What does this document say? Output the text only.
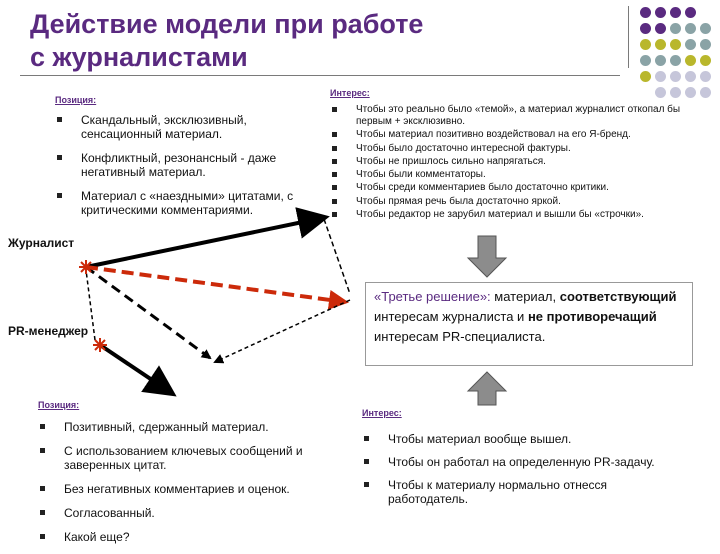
Действие модели при работе
с журналистами
Позиция:
Скандальный, эксклюзивный, сенсационный материал.
Конфликтный, резонансный - даже негативный материал.
Материал с «наездными» цитатами, с критическими комментариями.
Интерес:
Чтобы это реально было «темой», а материал журналист откопал бы первым + эксклюзивно.
Чтобы материал позитивно воздействовал на его Я-бренд.
Чтобы было достаточно интересной фактуры.
Чтобы не пришлось сильно напрягаться.
Чтобы были комментаторы.
Чтобы среди комментариев было достаточно критики.
Чтобы прямая речь была достаточно яркой.
Чтобы редактор не зарубил материал и вышли бы «строчки».
Журналист
PR-менеджер
«Третье решение»: материал, соответствующий интересам журналиста и не противоречащий интересам PR-специалиста.
Позиция:
Позитивный, сдержанный материал.
С использованием ключевых сообщений и заверенных цитат.
Без негативных комментариев и оценок.
Согласованный.
Какой еще?
Интерес:
Чтобы материал вообще вышел.
Чтобы он работал на определенную PR-задачу.
Чтобы к материалу нормально отнесся работодатель.
